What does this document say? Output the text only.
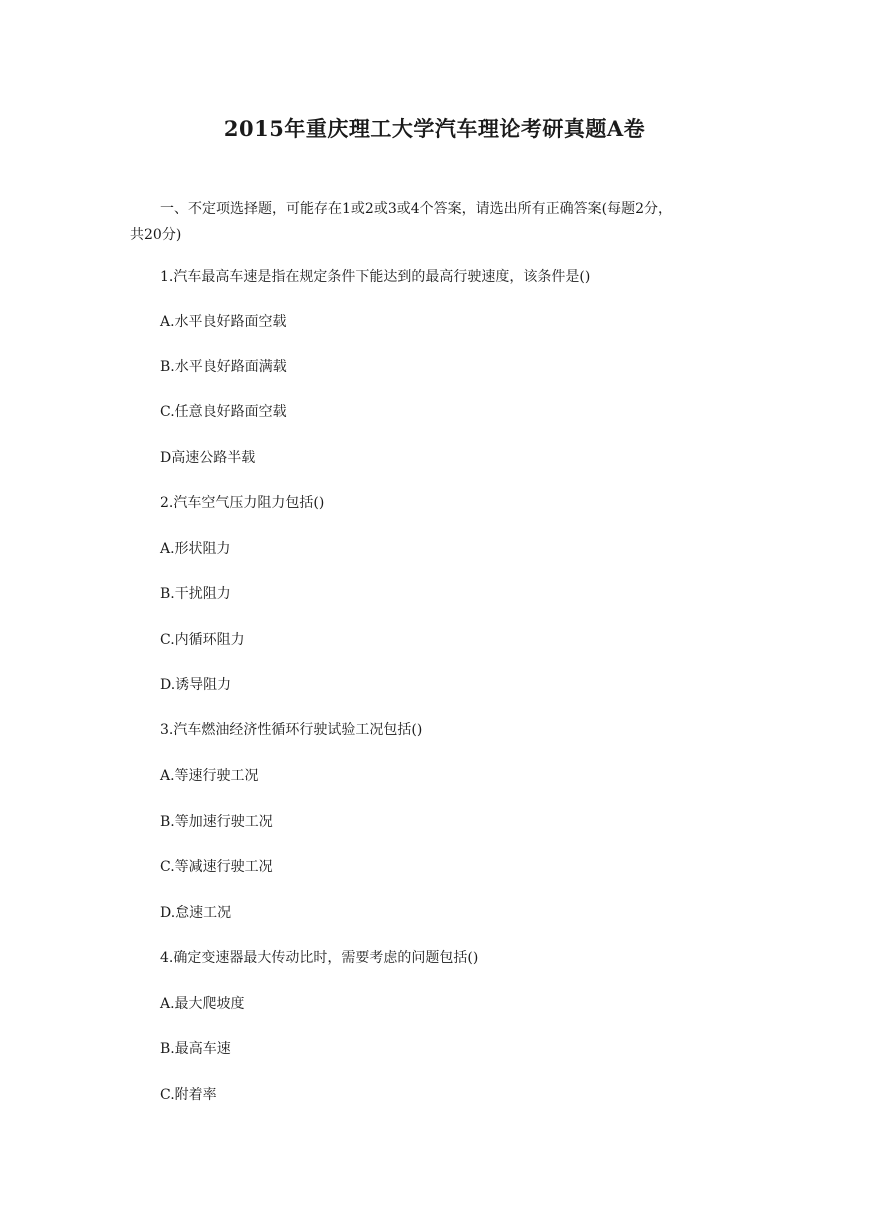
2015年重庆理工大学汽车理论考研真题A卷
一、不定项选择题，可能存在1或2或3或4个答案，请选出所有正确答案(每题2分，
共20分)
1.汽车最高车速是指在规定条件下能达到的最高行驶速度，该条件是()
A.水平良好路面空载
B.水平良好路面满载
C.任意良好路面空载
D高速公路半载
2.汽车空气压力阻力包括()
A.形状阻力
B.干扰阻力
C.内循环阻力
D.诱导阻力
3.汽车燃油经济性循环行驶试验工况包括()
A.等速行驶工况
B.等加速行驶工况
C.等减速行驶工况
D.怠速工况
4.确定变速器最大传动比时，需要考虑的问题包括()
A.最大爬坡度
B.最高车速
C.附着率
